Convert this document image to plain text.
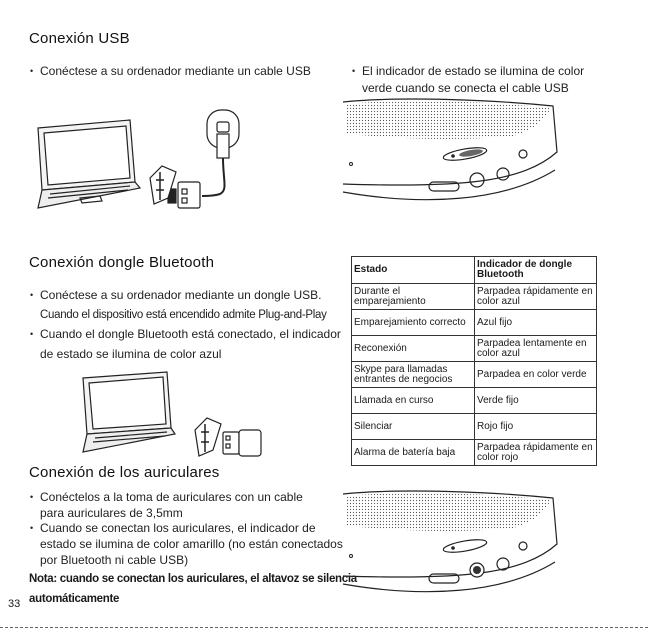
Conexión USB
• Conéctese a su ordenador mediante un cable USB	• El indicador de estado se ilumina de color
verde cuando se conecta el cable USB
Conexión dongle Bluetooth
• Conéctese a su ordenador mediante un dongle USB.
Cuando el dispositivo está encendido admite Plug-and-Play
• Cuando el dongle Bluetooth está conectado, el indicador
de estado se ilumina de color azul
Estado	Indicador de dongle Bluetooth
Durante el emparejamiento	Parpadea rápidamente en color azul
Emparejamiento correcto	Azul fijo
Reconexión	Parpadea lentamente en color azul
Skype para llamadas entrantes de negocios	Parpadea en color verde
Llamada en curso	Verde fijo
Silenciar	Rojo fijo
Alarma de batería baja	Parpadea rápidamente en color rojo
Conexión de los auriculares
• Conéctelos a la toma de auriculares con un cable
para auriculares de 3,5mm
• Cuando se conectan los auriculares, el indicador de
estado se ilumina de color amarillo (no están conectados
por Bluetooth ni cable USB)
Nota: cuando se conectan los auriculares, el altavoz se silencia
automáticamente
33
